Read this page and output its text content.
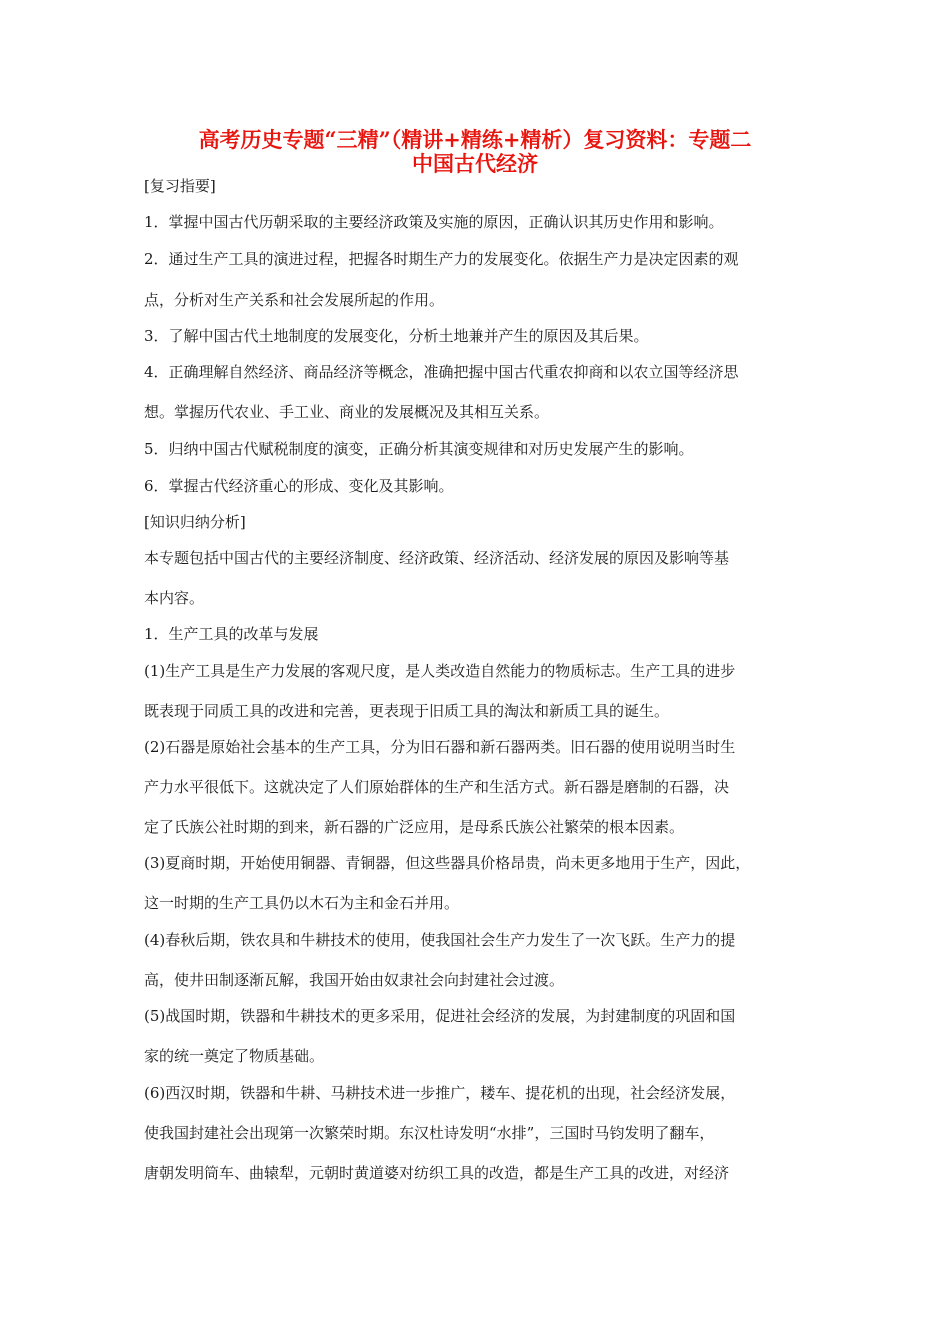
高考历史专题“三精”（精讲+精练+精析）复习资料：专题二
中国古代经济

[复习指要]

1．掌握中国古代历朝采取的主要经济政策及实施的原因，正确认识其历史作用和影响。

2．通过生产工具的演进过程，把握各时期生产力的发展变化。依据生产力是决定因素的观

点，分析对生产关系和社会发展所起的作用。

3．了解中国古代土地制度的发展变化，分析土地兼并产生的原因及其后果。

4．正确理解自然经济、商品经济等概念，准确把握中国古代重农抑商和以农立国等经济思

想。掌握历代农业、手工业、商业的发展概况及其相互关系。

5．归纳中国古代赋税制度的演变，正确分析其演变规律和对历史发展产生的影响。

6．掌握古代经济重心的形成、变化及其影响。

[知识归纳分析]

本专题包括中国古代的主要经济制度、经济政策、经济活动、经济发展的原因及影响等基

本内容。

1．生产工具的改革与发展

(1)生产工具是生产力发展的客观尺度，是人类改造自然能力的物质标志。生产工具的进步

既表现于同质工具的改进和完善，更表现于旧质工具的淘汰和新质工具的诞生。

(2)石器是原始社会基本的生产工具，分为旧石器和新石器两类。旧石器的使用说明当时生

产力水平很低下。这就决定了人们原始群体的生产和生活方式。新石器是磨制的石器，决

定了氏族公社时期的到来，新石器的广泛应用，是母系氏族公社繁荣的根本因素。

(3)夏商时期，开始使用铜器、青铜器，但这些器具价格昂贵，尚未更多地用于生产，因此，

这一时期的生产工具仍以木石为主和金石并用。

(4)春秋后期，铁农具和牛耕技术的使用，使我国社会生产力发生了一次飞跃。生产力的提

高，使井田制逐渐瓦解，我国开始由奴隶社会向封建社会过渡。

(5)战国时期，铁器和牛耕技术的更多采用，促进社会经济的发展，为封建制度的巩固和国

家的统一奠定了物质基础。

(6)西汉时期，铁器和牛耕、马耕技术进一步推广，耧车、提花机的出现，社会经济发展，

使我国封建社会出现第一次繁荣时期。东汉杜诗发明“水排”，三国时马钧发明了翻车，

唐朝发明筒车、曲辕犁，元朝时黄道婆对纺织工具的改造，都是生产工具的改进，对经济
